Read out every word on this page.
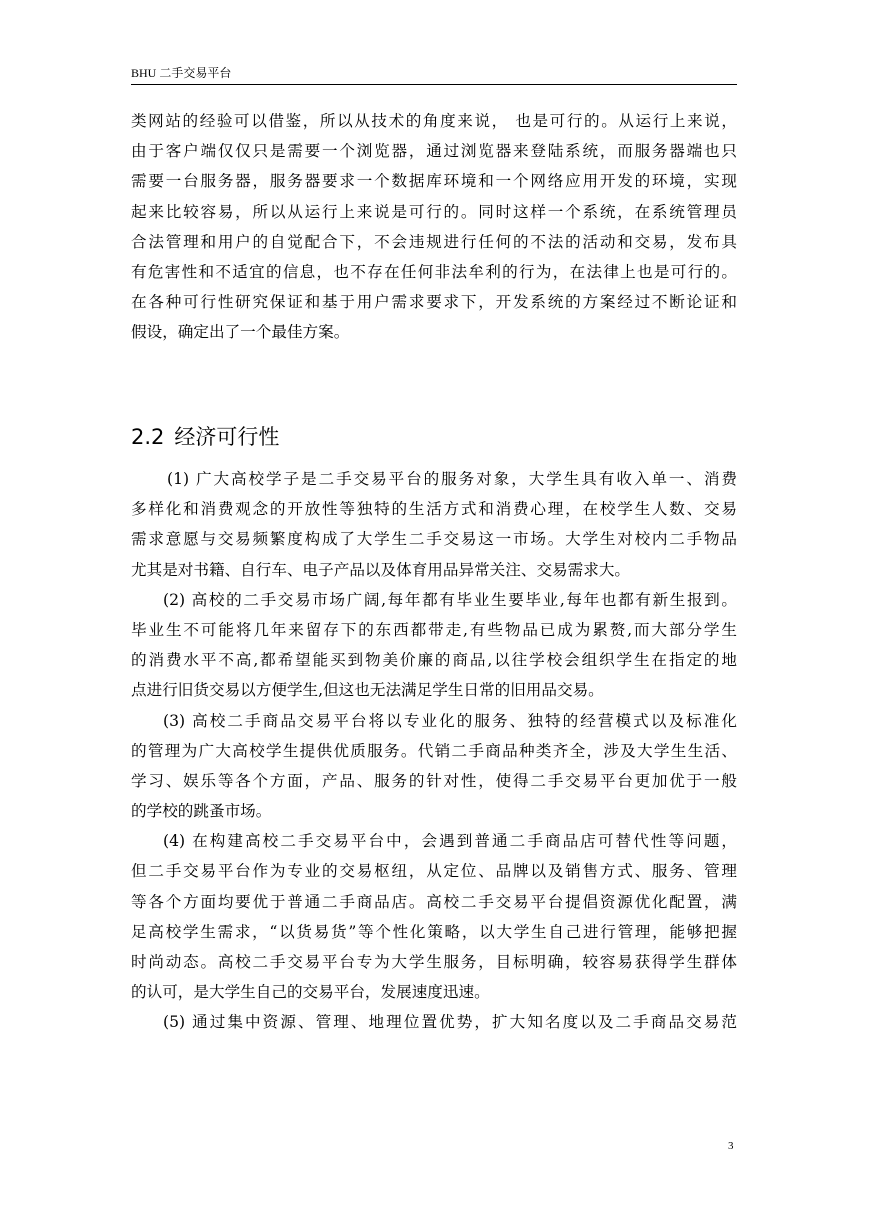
BHU 二手交易平台
类网站的经验可以借鉴，所以从技术的角度来说， 也是可行的。从运行上来说，
由于客户端仅仅只是需要一个浏览器，通过浏览器来登陆系统，而服务器端也只
需要一台服务器，服务器要求一个数据库环境和一个网络应用开发的环境，实现
起来比较容易，所以从运行上来说是可行的。同时这样一个系统，在系统管理员
合法管理和用户的自觉配合下，不会违规进行任何的不法的活动和交易，发布具
有危害性和不适宜的信息，也不存在任何非法牟利的行为，在法律上也是可行的。
在各种可行性研究保证和基于用户需求要求下，开发系统的方案经过不断论证和
假设，确定出了一个最佳方案。
2.2 经济可行性
(1) 广大高校学子是二手交易平台的服务对象，大学生具有收入单一、消费
多样化和消费观念的开放性等独特的生活方式和消费心理，在校学生人数、交易
需求意愿与交易频繁度构成了大学生二手交易这一市场。大学生对校内二手物品
尤其是对书籍、自行车、电子产品以及体育用品异常关注、交易需求大。
(2) 高校的二手交易市场广阔,每年都有毕业生要毕业,每年也都有新生报到。
毕业生不可能将几年来留存下的东西都带走,有些物品已成为累赘,而大部分学生
的消费水平不高,都希望能买到物美价廉的商品,以往学校会组织学生在指定的地
点进行旧货交易以方便学生,但这也无法满足学生日常的旧用品交易。
(3) 高校二手商品交易平台将以专业化的服务、独特的经营模式以及标准化
的管理为广大高校学生提供优质服务。代销二手商品种类齐全，涉及大学生生活、
学习、娱乐等各个方面，产品、服务的针对性，使得二手交易平台更加优于一般
的学校的跳蚤市场。
(4) 在构建高校二手交易平台中，会遇到普通二手商品店可替代性等问题，
但二手交易平台作为专业的交易枢纽，从定位、品牌以及销售方式、服务、管理
等各个方面均要优于普通二手商品店。高校二手交易平台提倡资源优化配置，满
足高校学生需求，“以货易货”等个性化策略，以大学生自己进行管理，能够把握
时尚动态。高校二手交易平台专为大学生服务，目标明确，较容易获得学生群体
的认可，是大学生自己的交易平台，发展速度迅速。
(5) 通过集中资源、管理、地理位置优势，扩大知名度以及二手商品交易范
3
